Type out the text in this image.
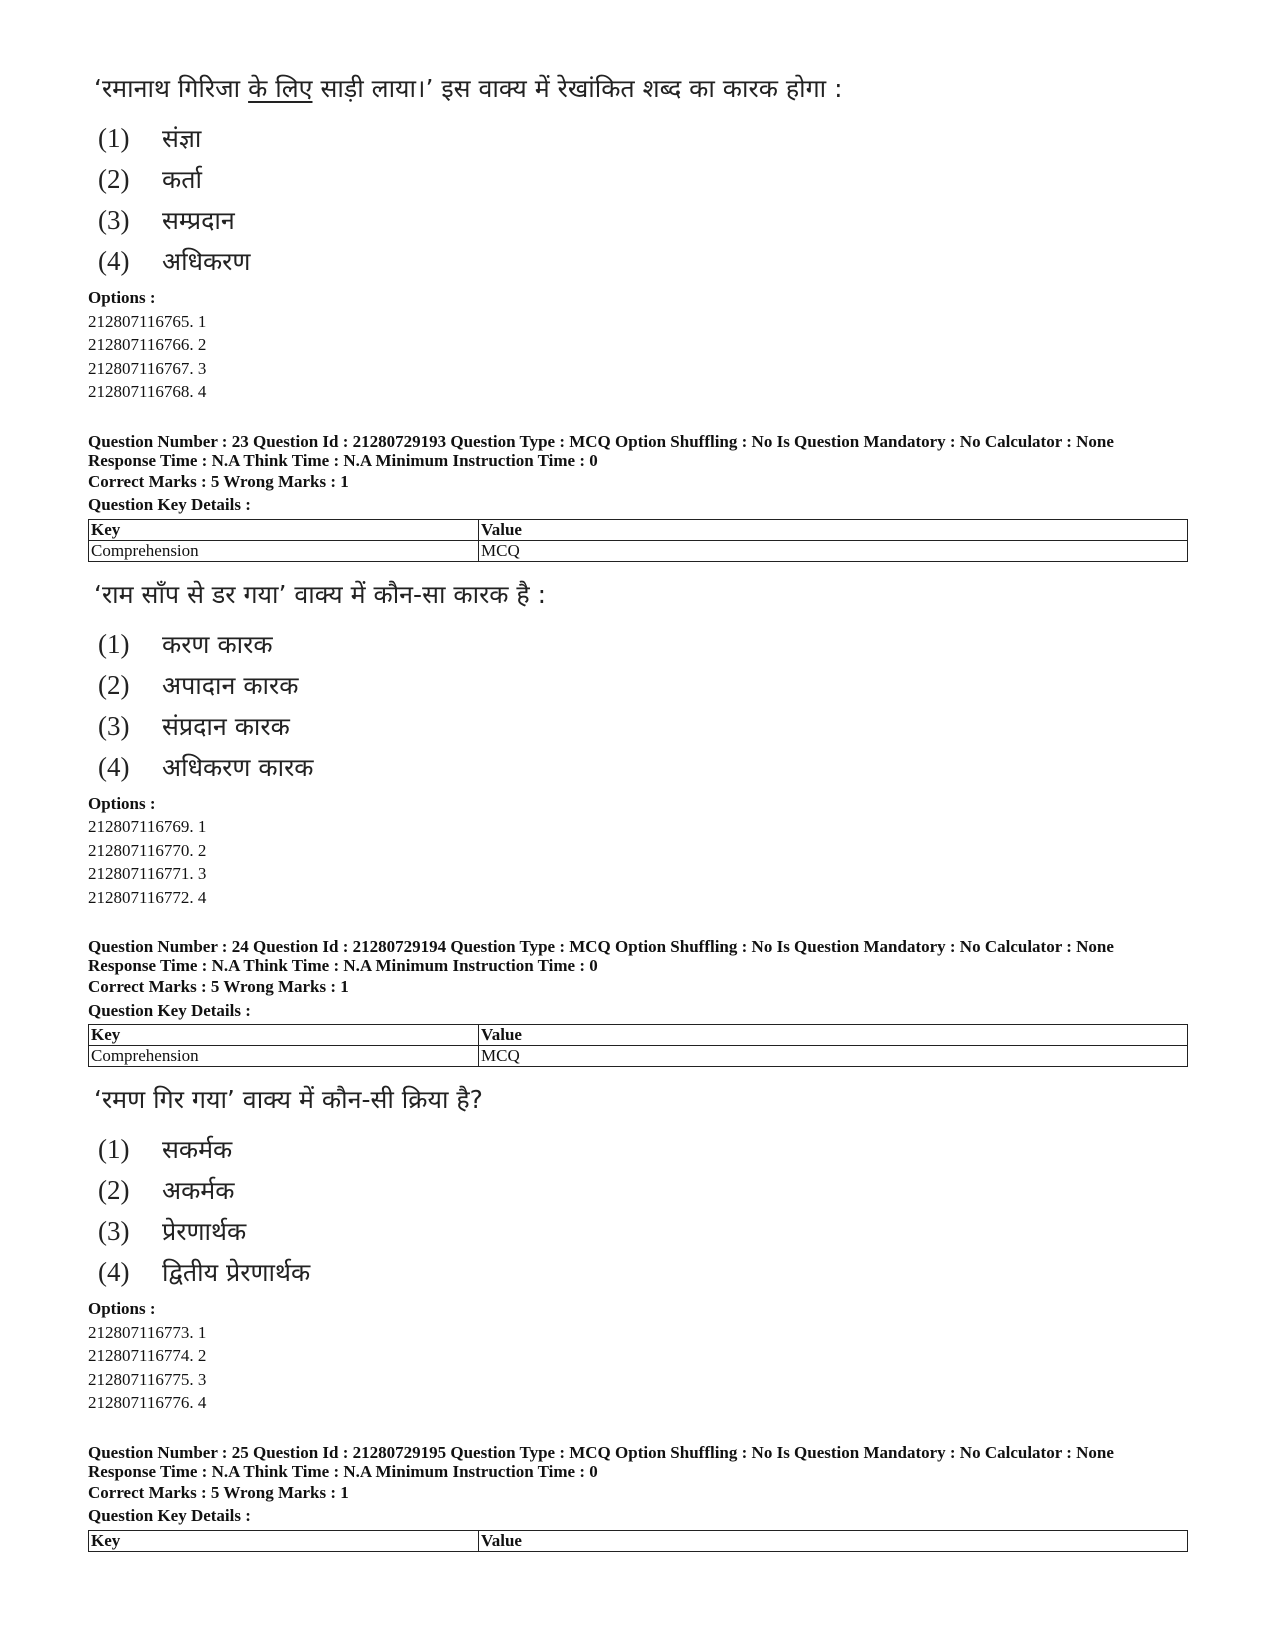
‘रमानाथ गिरिजा के लिए साड़ी लाया।’ इस वाक्य में रेखांकित शब्द का कारक होगा :
(1) संज्ञा
(2) कर्ता
(3) सम्प्रदान
(4) अधिकरण
Options :
212807116765. 1
212807116766. 2
212807116767. 3
212807116768. 4
Question Number : 23 Question Id : 21280729193 Question Type : MCQ Option Shuffling : No Is Question Mandatory : No Calculator : None
Response Time : N.A Think Time : N.A Minimum Instruction Time : 0
Correct Marks : 5 Wrong Marks : 1
Question Key Details :
Key	Value
Comprehension	MCQ
‘राम साँप से डर गया’ वाक्य में कौन-सा कारक है :
(1) करण कारक
(2) अपादान कारक
(3) संप्रदान कारक
(4) अधिकरण कारक
Options :
212807116769. 1
212807116770. 2
212807116771. 3
212807116772. 4
Question Number : 24 Question Id : 21280729194 Question Type : MCQ Option Shuffling : No Is Question Mandatory : No Calculator : None
Response Time : N.A Think Time : N.A Minimum Instruction Time : 0
Correct Marks : 5 Wrong Marks : 1
Question Key Details :
Key	Value
Comprehension	MCQ
‘रमण गिर गया’ वाक्य में कौन-सी क्रिया है?
(1) सकर्मक
(2) अकर्मक
(3) प्रेरणार्थक
(4) द्वितीय प्रेरणार्थक
Options :
212807116773. 1
212807116774. 2
212807116775. 3
212807116776. 4
Question Number : 25 Question Id : 21280729195 Question Type : MCQ Option Shuffling : No Is Question Mandatory : No Calculator : None
Response Time : N.A Think Time : N.A Minimum Instruction Time : 0
Correct Marks : 5 Wrong Marks : 1
Question Key Details :
Key	Value
